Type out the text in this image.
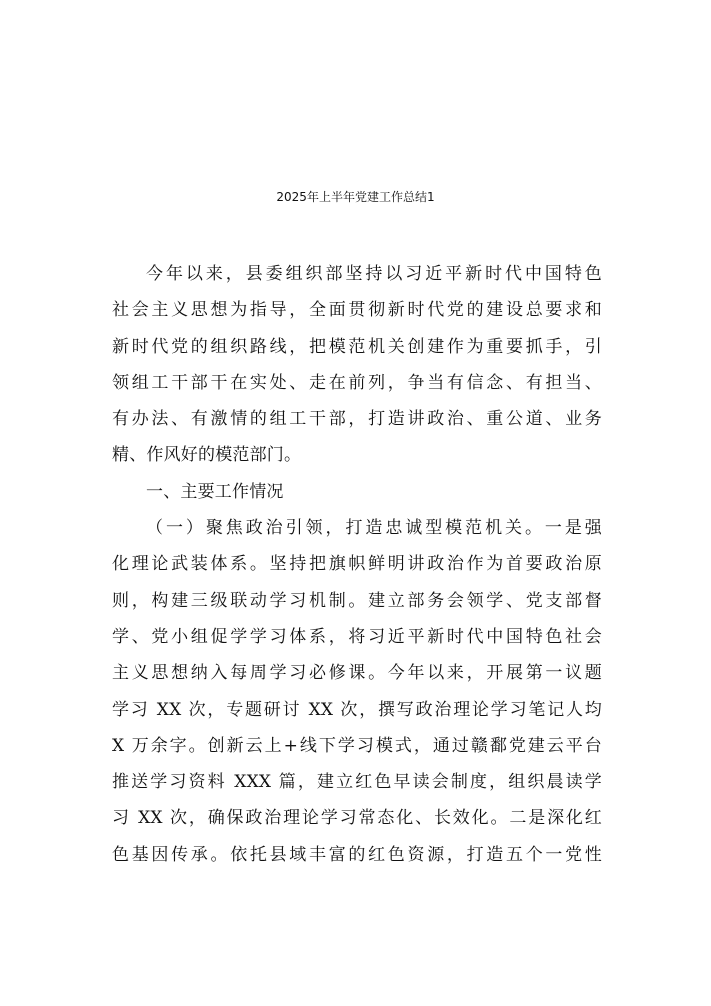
2025年上半年党建工作总结1
今年以来，县委组织部坚持以习近平新时代中国特色
社会主义思想为指导，全面贯彻新时代党的建设总要求和
新时代党的组织路线，把模范机关创建作为重要抓手，引
领组工干部干在实处、走在前列，争当有信念、有担当、
有办法、有激情的组工干部，打造讲政治、重公道、业务
精、作风好的模范部门。
一、主要工作情况
（一）聚焦政治引领，打造忠诚型模范机关。一是强
化理论武装体系。坚持把旗帜鲜明讲政治作为首要政治原
则，构建三级联动学习机制。建立部务会领学、党支部督
学、党小组促学学习体系，将习近平新时代中国特色社会
主义思想纳入每周学习必修课。今年以来，开展第一议题
学习 XX 次，专题研讨 XX 次，撰写政治理论学习笔记人均
X 万余字。创新云上+线下学习模式，通过赣鄱党建云平台
推送学习资料 XXX 篇，建立红色早读会制度，组织晨读学
习 XX 次，确保政治理论学习常态化、长效化。二是深化红
色基因传承。依托县域丰富的红色资源，打造五个一党性
